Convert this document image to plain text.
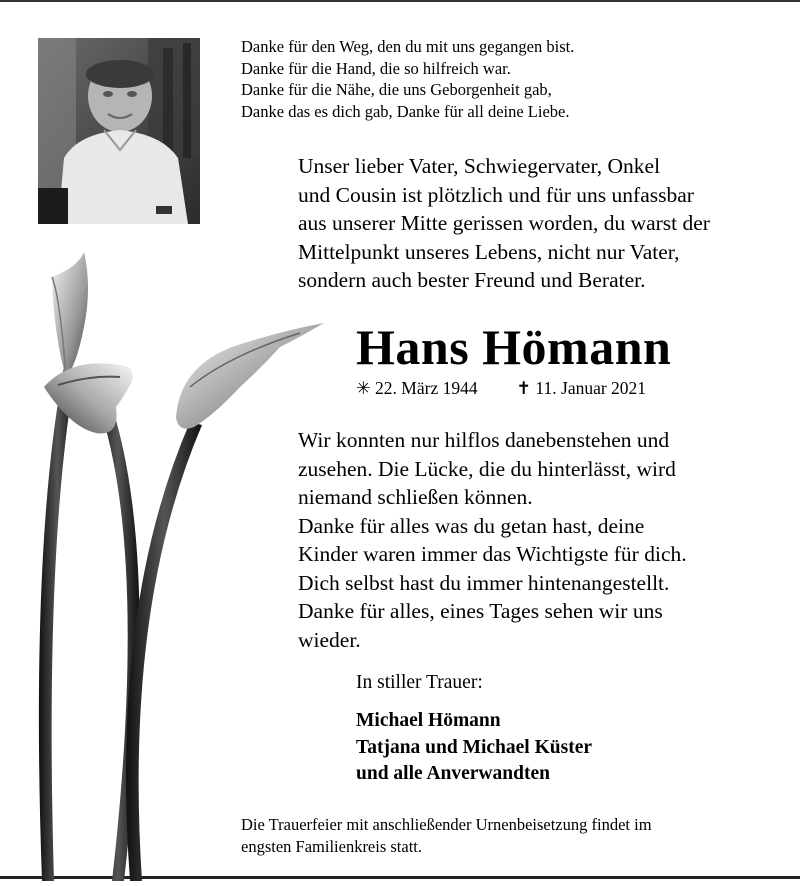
Danke für den Weg, den du mit uns gegangen bist.
Danke für die Hand, die so hilfreich war.
Danke für die Nähe, die uns Geborgenheit gab,
Danke das es dich gab, Danke für all deine Liebe.
Unser lieber Vater, Schwiegervater, Onkel
und Cousin ist plötzlich und für uns unfassbar
aus unserer Mitte gerissen worden, du warst der
Mittelpunkt unseres Lebens, nicht nur Vater,
sondern auch bester Freund und Berater.
Hans Hömann
✳ 22. März 1944 ✝ 11. Januar 2021
Wir konnten nur hilflos danebenstehen und
zusehen. Die Lücke, die du hinterlässt, wird
niemand schließen können.
Danke für alles was du getan hast, deine
Kinder waren immer das Wichtigste für dich.
Dich selbst hast du immer hintenangestellt.
Danke für alles, eines Tages sehen wir uns
wieder.
In stiller Trauer:
Michael Hömann
Tatjana und Michael Küster
und alle Anverwandten
Die Trauerfeier mit anschließender Urnenbeisetzung findet im
engsten Familienkreis statt.
